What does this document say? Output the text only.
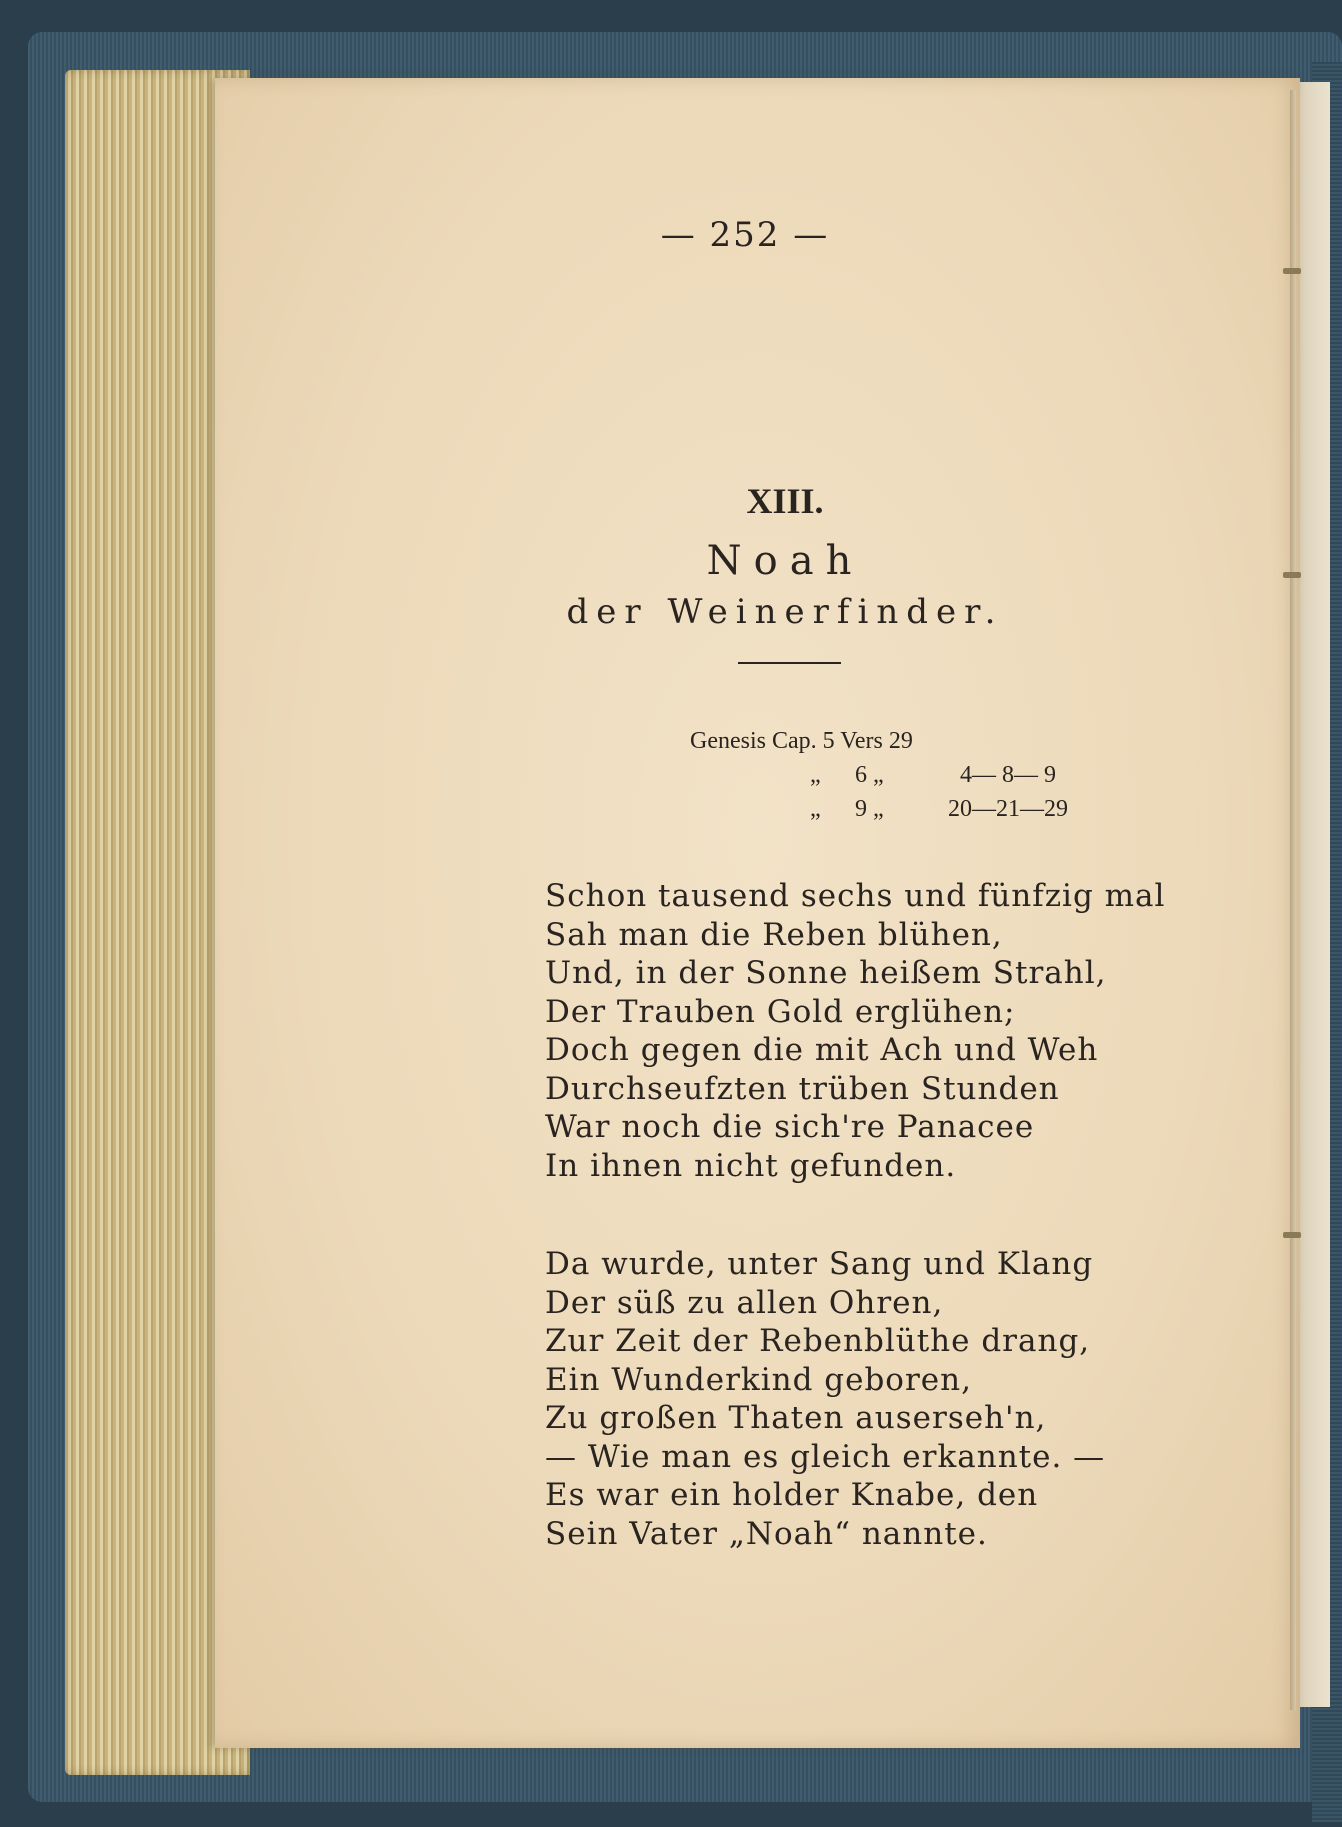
— 252 —
XIII.
Noah
der Weinerfinder.
Genesis Cap. 5 Vers 29
„ 6 „	4— 8— 9
„ 9 „	20—21—29
Schon tausend sechs und fünfzig mal
Sah man die Reben blühen,
Und, in der Sonne heißem Strahl,
Der Trauben Gold erglühen;
Doch gegen die mit Ach und Weh
Durchseufzten trüben Stunden
War noch die sich're Panacee
In ihnen nicht gefunden.
Da wurde, unter Sang und Klang
Der süß zu allen Ohren,
Zur Zeit der Rebenblüthe drang,
Ein Wunderkind geboren,
Zu großen Thaten auserseh'n,
— Wie man es gleich erkannte. —
Es war ein holder Knabe, den
Sein Vater „Noah“ nannte.
